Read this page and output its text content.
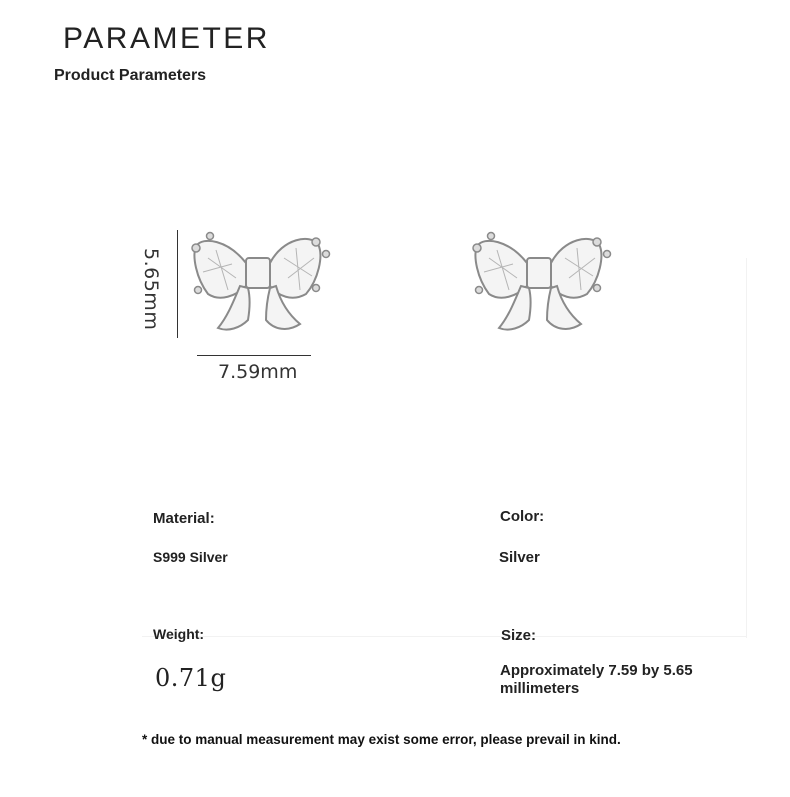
PARAMETER
Product Parameters
5.65mm
7.59mm
Material:
S999 Silver
Color:
Silver
Weight:
0.71g
Size:
Approximately 7.59 by 5.65 millimeters
* due to manual measurement may exist some error, please prevail in kind.
